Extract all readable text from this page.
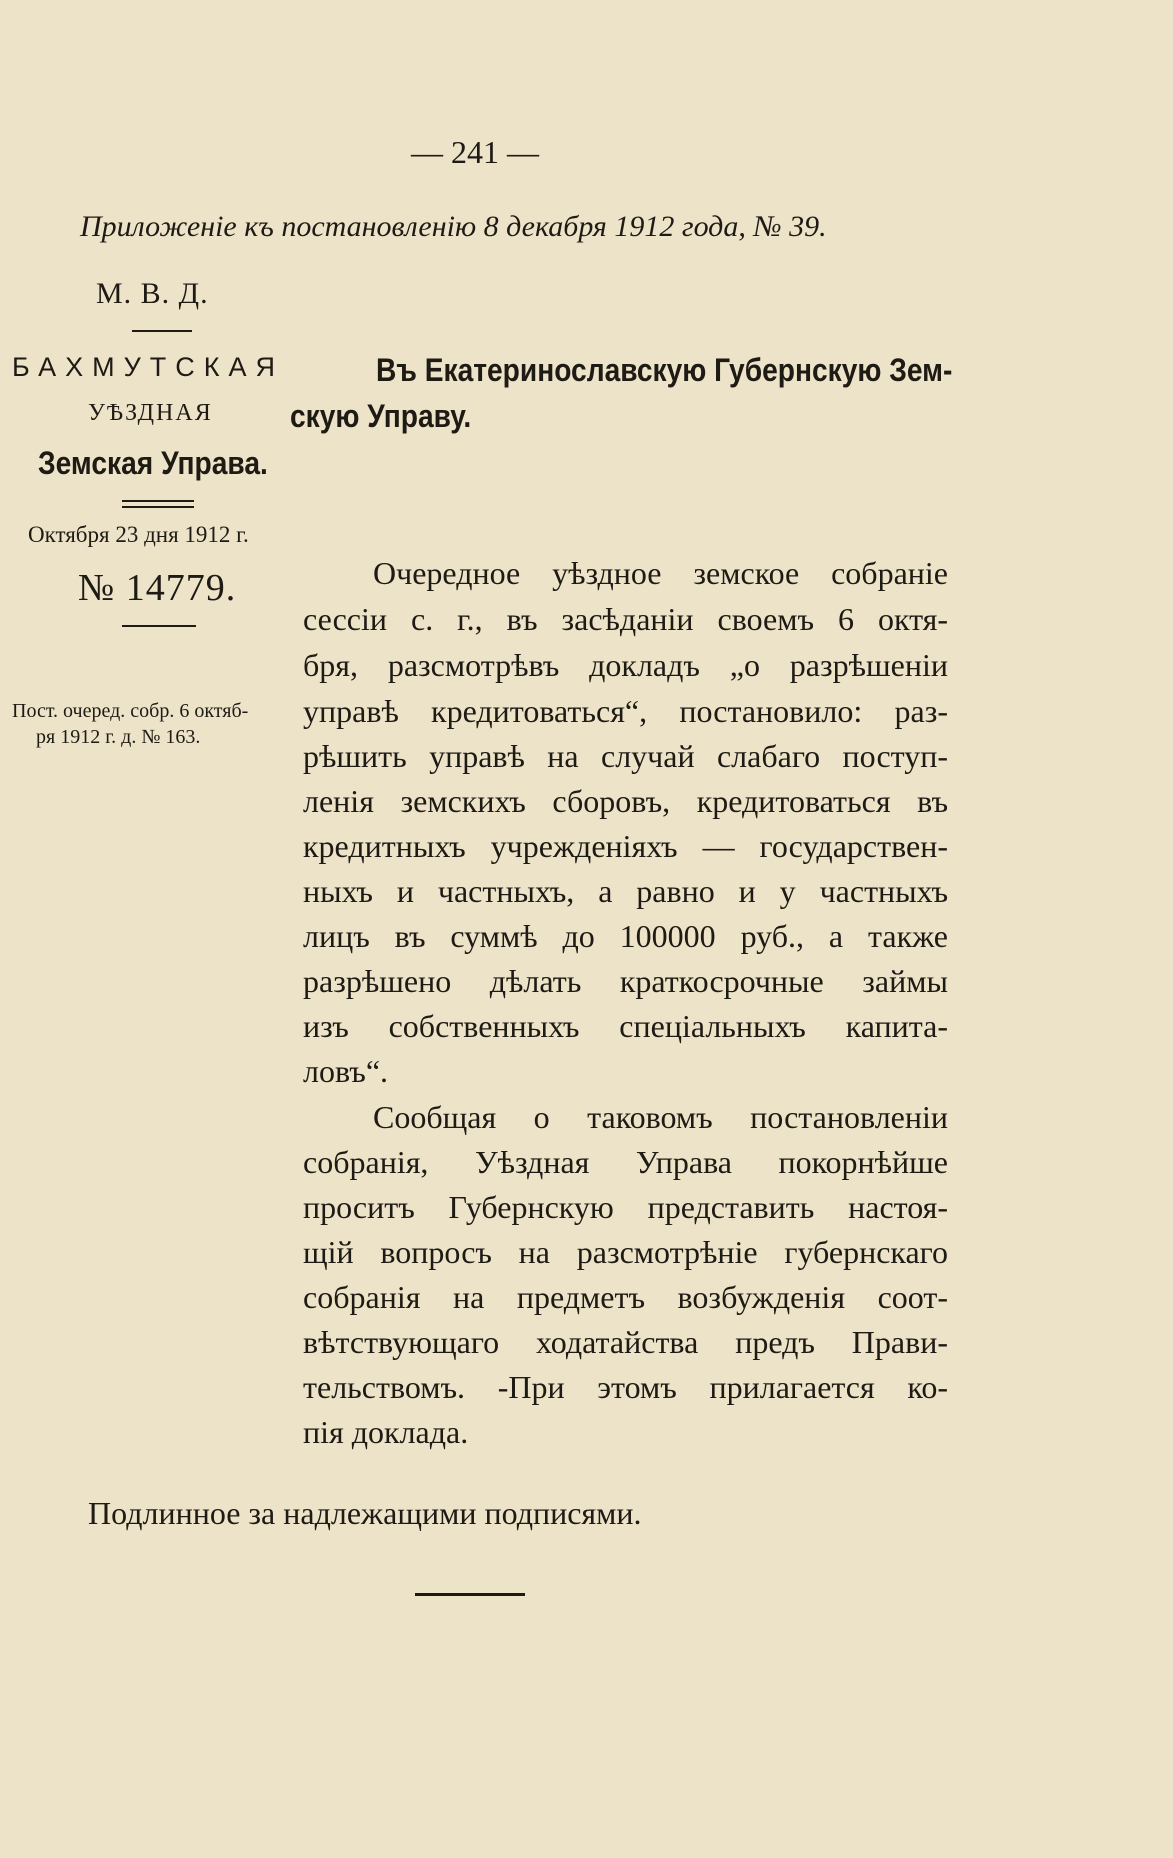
— 241 —
Приложеніе къ постановленію 8 декабря 1912 года, № 39.
М. В. Д.
БАХМУТСКАЯ
УѢЗДНАЯ
Земская Управа.
Въ Екатеринославскую Губернскую Зем-
скую Управу.
Октября 23 дня 1912 г.
№ 14779.
Пост. очеред. собр. 6 октяб-
ря 1912 г. д. № 163.
Очередное уѣздное земское собраніе
сессіи с. г., въ засѣданіи своемъ 6 октя-
бря, разсмотрѣвъ докладъ „о разрѣшеніи
управѣ кредитоваться“, постановило: раз-
рѣшить управѣ на случай слабаго поступ-
ленія земскихъ сборовъ, кредитоваться въ
кредитныхъ учрежденіяхъ — государствен-
ныхъ и частныхъ, а равно и у частныхъ
лицъ въ суммѣ до 100000 руб., а также
разрѣшено дѣлать краткосрочные займы
изъ собственныхъ спеціальныхъ капита-
ловъ“.
Сообщая о таковомъ постановленіи
собранія, Уѣздная Управа покорнѣйше
проситъ Губернскую представить настоя-
щій вопросъ на разсмотрѣніе губернскаго
собранія на предметъ возбужденія соот-
вѣтствующаго ходатайства предъ Прави-
тельствомъ. -При этомъ прилагается ко-
пія доклада.
Подлинное за надлежащими подписями.
